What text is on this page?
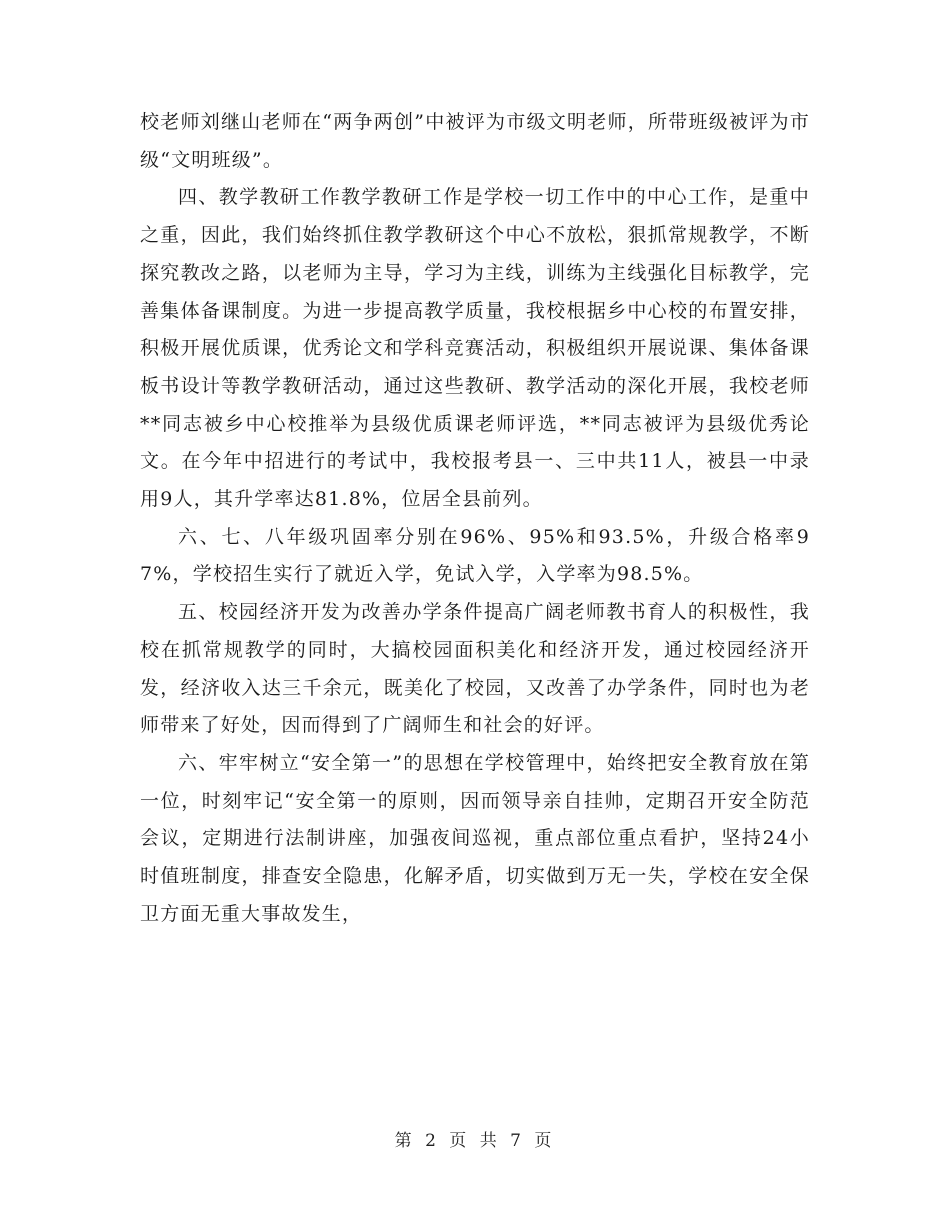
校老师刘继山老师在“两争两创”中被评为市级文明老师，所带班级被评为市级“文明班级”。

四、教学教研工作教学教研工作是学校一切工作中的中心工作，是重中之重，因此，我们始终抓住教学教研这个中心不放松，狠抓常规教学，不断探究教改之路，以老师为主导，学习为主线，训练为主线强化目标教学，完善集体备课制度。为进一步提高教学质量，我校根据乡中心校的布置安排，积极开展优质课，优秀论文和学科竞赛活动，积极组织开展说课、集体备课板书设计等教学教研活动，通过这些教研、教学活动的深化开展，我校老师**同志被乡中心校推举为县级优质课老师评选，**同志被评为县级优秀论文。在今年中招进行的考试中，我校报考县一、三中共11人，被县一中录用9人，其升学率达81.8%，位居全县前列。

六、七、八年级巩固率分别在96%、95%和93.5%，升级合格率97%，学校招生实行了就近入学，免试入学，入学率为98.5%。

五、校园经济开发为改善办学条件提高广阔老师教书育人的积极性，我校在抓常规教学的同时，大搞校园面积美化和经济开发，通过校园经济开发，经济收入达三千余元，既美化了校园，又改善了办学条件，同时也为老师带来了好处，因而得到了广阔师生和社会的好评。

六、牢牢树立“安全第一”的思想在学校管理中，始终把安全教育放在第一位，时刻牢记“安全第一的原则，因而领导亲自挂帅，定期召开安全防范会议，定期进行法制讲座，加强夜间巡视，重点部位重点看护，坚持24小时值班制度，排查安全隐患，化解矛盾，切实做到万无一失，学校在安全保卫方面无重大事故发生，

第 2 页 共 7 页
